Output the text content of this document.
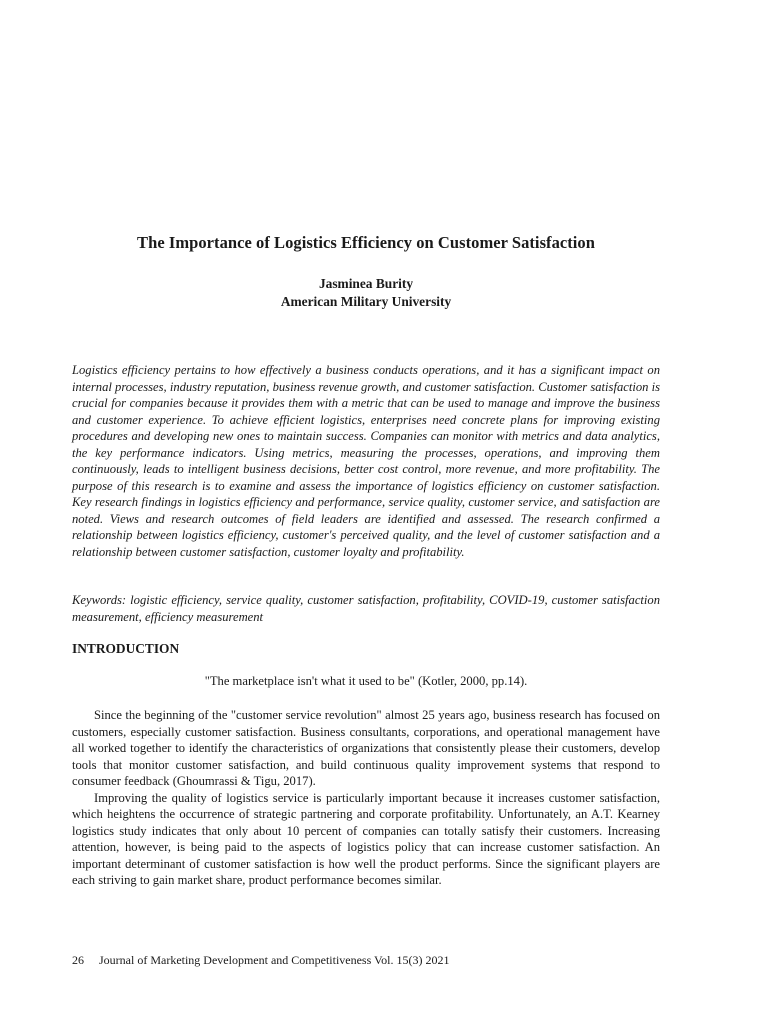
The Importance of Logistics Efficiency on Customer Satisfaction
Jasminea Burity
American Military University

Logistics efficiency pertains to how effectively a business conducts operations, and it has a significant impact on internal processes, industry reputation, business revenue growth, and customer satisfaction. Customer satisfaction is crucial for companies because it provides them with a metric that can be used to manage and improve the business and customer experience. To achieve efficient logistics, enterprises need concrete plans for improving existing procedures and developing new ones to maintain success. Companies can monitor with metrics and data analytics, the key performance indicators. Using metrics, measuring the processes, operations, and improving them continuously, leads to intelligent business decisions, better cost control, more revenue, and more profitability. The purpose of this research is to examine and assess the importance of logistics efficiency on customer satisfaction. Key research findings in logistics efficiency and performance, service quality, customer service, and satisfaction are noted. Views and research outcomes of field leaders are identified and assessed. The research confirmed a relationship between logistics efficiency, customer's perceived quality, and the level of customer satisfaction and a relationship between customer satisfaction, customer loyalty and profitability.

Keywords: logistic efficiency, service quality, customer satisfaction, profitability, COVID-19, customer satisfaction measurement, efficiency measurement

INTRODUCTION
"The marketplace isn't what it used to be" (Kotler, 2000, pp.14).

Since the beginning of the "customer service revolution" almost 25 years ago, business research has focused on customers, especially customer satisfaction. Business consultants, corporations, and operational management have all worked together to identify the characteristics of organizations that consistently please their customers, develop tools that monitor customer satisfaction, and build continuous quality improvement systems that respond to consumer feedback (Ghoumrassi & Tigu, 2017).

Improving the quality of logistics service is particularly important because it increases customer satisfaction, which heightens the occurrence of strategic partnering and corporate profitability. Unfortunately, an A.T. Kearney logistics study indicates that only about 10 percent of companies can totally satisfy their customers. Increasing attention, however, is being paid to the aspects of logistics policy that can increase customer satisfaction. An important determinant of customer satisfaction is how well the product performs. Since the significant players are each striving to gain market share, product performance becomes similar.

26 Journal of Marketing Development and Competitiveness Vol. 15(3) 2021
